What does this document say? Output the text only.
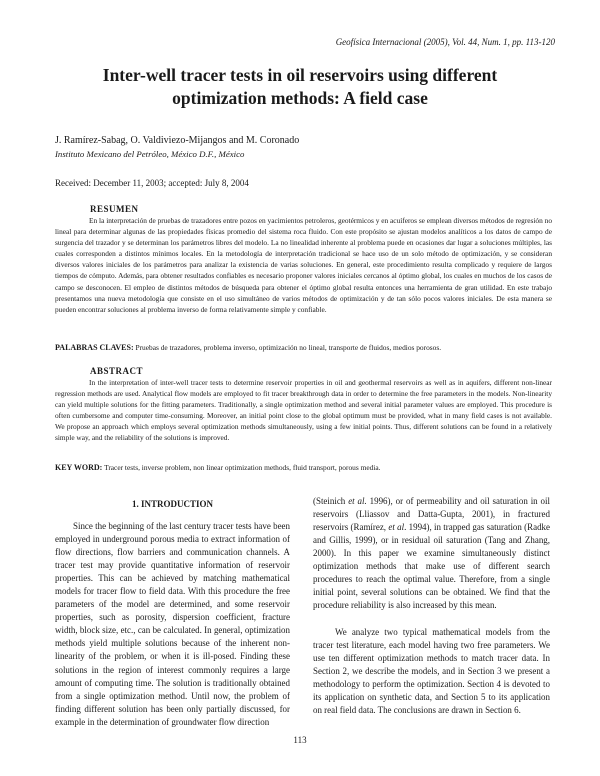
Geofísica Internacional (2005), Vol. 44, Num. 1, pp. 113-120
Inter-well tracer tests in oil reservoirs using different
optimization methods: A field case
J. Ramírez-Sabag, O. Valdiviezo-Mijangos and M. Coronado
Instituto Mexicano del Petróleo, México D.F., México
Received: December 11, 2003; accepted: July 8, 2004
RESUMEN

En la interpretación de pruebas de trazadores entre pozos en yacimientos petroleros, geotérmicos y en acuíferos se emplean diversos métodos de regresión no lineal para determinar algunas de las propiedades físicas promedio del sistema roca fluido. Con este propósito se ajustan modelos analíticos a los datos de campo de surgencia del trazador y se determinan los parámetros libres del modelo. La no linealidad inherente al problema puede en ocasiones dar lugar a soluciones múltiples, las cuales corresponden a distintos mínimos locales. En la metodología de interpretación tradicional se hace uso de un solo método de optimización, y se consideran diversos valores iniciales de los parámetros para analizar la existencia de varias soluciones. En general, este procedimiento resulta complicado y requiere de largos tiempos de cómputo. Además, para obtener resultados confiables es necesario proponer valores iniciales cercanos al óptimo global, los cuales en muchos de los casos de campo se desconocen. El empleo de distintos métodos de búsqueda para obtener el óptimo global resulta entonces una herramienta de gran utilidad. En este trabajo presentamos una nueva metodología que consiste en el uso simultáneo de varios métodos de optimización y de tan sólo pocos valores iniciales. De esta manera se pueden encontrar soluciones al problema inverso de forma relativamente simple y confiable.

PALABRAS CLAVES: Pruebas de trazadores, problema inverso, optimización no lineal, transporte de fluidos, medios porosos.
ABSTRACT

In the interpretation of inter-well tracer tests to determine reservoir properties in oil and geothermal reservoirs as well as in aquifers, different non-linear regression methods are used. Analytical flow models are employed to fit tracer breakthrough data in order to determine the free parameters in the models. Non-linearity can yield multiple solutions for the fitting parameters. Traditionally, a single optimization method and several initial parameter values are employed. This procedure is often cumbersome and computer time-consuming. Moreover, an initial point close to the global optimum must be provided, what in many field cases is not available. We propose an approach which employs several optimization methods simultaneously, using a few initial points. Thus, different solutions can be found in a relatively simple way, and the reliability of the solutions is improved.

KEY WORD: Tracer tests, inverse problem, non linear optimization methods, fluid transport, porous media.
1. INTRODUCTION

Since the beginning of the last century tracer tests have been employed in underground porous media to extract information of flow directions, flow barriers and communication channels. A tracer test may provide quantitative information of reservoir properties. This can be achieved by matching mathematical models for tracer flow to field data. With this procedure the free parameters of the model are determined, and some reservoir properties, such as porosity, dispersion coefficient, fracture width, block size, etc., can be calculated. In general, optimization methods yield multiple solutions because of the inherent non-linearity of the problem, or when it is ill-posed. Finding these solutions in the region of interest commonly requires a large amount of computing time. The solution is traditionally obtained from a single optimization method. Until now, the problem of finding different solution has been only partially discussed, for example in the determination of groundwater flow direction

(Steinich et al. 1996), or of permeability and oil saturation in oil reservoirs (Lliassov and Datta-Gupta, 2001), in fractured reservoirs (Ramírez, et al. 1994), in trapped gas saturation (Radke and Gillis, 1999), or in residual oil saturation (Tang and Zhang, 2000). In this paper we examine simultaneously distinct optimization methods that make use of different search procedures to reach the optimal value. Therefore, from a single initial point, several solutions can be obtained. We find that the procedure reliability is also increased by this mean.

We analyze two typical mathematical models from the tracer test literature, each model having two free parameters. We use ten different optimization methods to match tracer data. In Section 2, we describe the models, and in Section 3 we present a methodology to perform the optimization. Section 4 is devoted to its application on synthetic data, and Section 5 to its application on real field data. The conclusions are drawn in Section 6.

113
